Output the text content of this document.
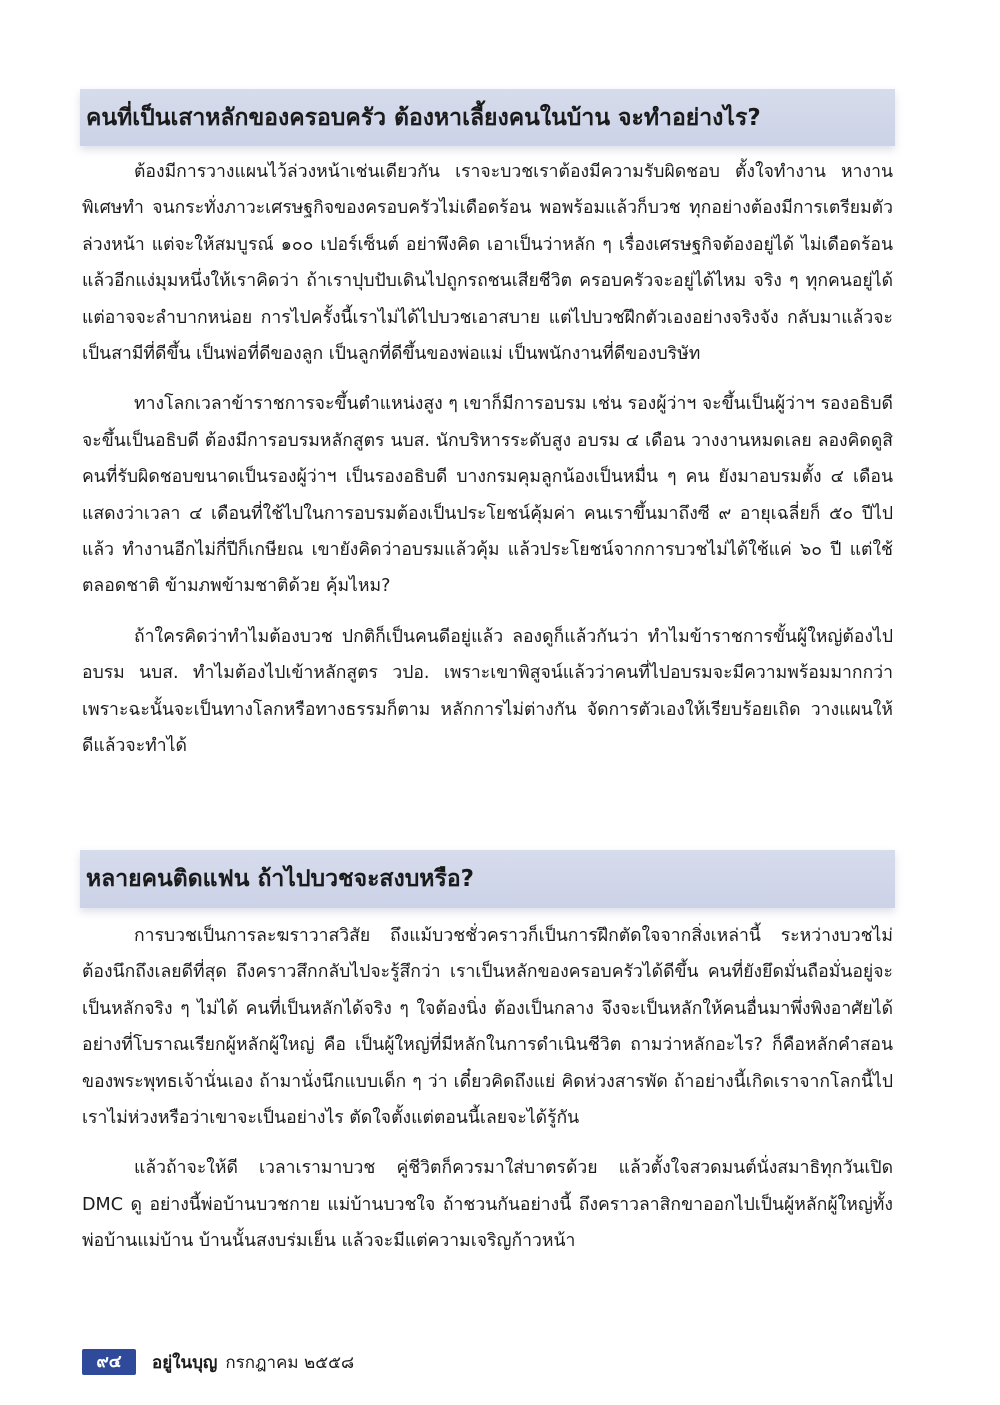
คนที่เป็นเสาหลักของครอบครัว ต้องหาเลี้ยงคนในบ้าน จะทำอย่างไร?

ต้องมีการวางแผนไว้ล่วงหน้าเช่นเดียวกัน เราจะบวชเราต้องมีความรับผิดชอบ ตั้งใจทำงาน หางานพิเศษทำ จนกระทั่งภาวะเศรษฐกิจของครอบครัวไม่เดือดร้อน พอพร้อมแล้วก็บวช ทุกอย่างต้องมีการเตรียมตัวล่วงหน้า แต่จะให้สมบูรณ์ ๑๐๐ เปอร์เซ็นต์ อย่าพึงคิด เอาเป็นว่าหลัก ๆ เรื่องเศรษฐกิจต้องอยู่ได้ ไม่เดือดร้อน แล้วอีกแง่มุมหนึ่งให้เราคิดว่า ถ้าเราปุบปับเดินไปถูกรถชนเสียชีวิต ครอบครัวจะอยู่ได้ไหม จริง ๆ ทุกคนอยู่ได้ แต่อาจจะลำบากหน่อย การไปครั้งนี้เราไม่ได้ไปบวชเอาสบาย แต่ไปบวชฝึกตัวเองอย่างจริงจัง กลับมาแล้วจะเป็นสามีที่ดีขึ้น เป็นพ่อที่ดีของลูก เป็นลูกที่ดีขึ้นของพ่อแม่ เป็นพนักงานที่ดีของบริษัท

ทางโลกเวลาข้าราชการจะขึ้นตำแหน่งสูง ๆ เขาก็มีการอบรม เช่น รองผู้ว่าฯ จะขึ้นเป็นผู้ว่าฯ รองอธิบดีจะขึ้นเป็นอธิบดี ต้องมีการอบรมหลักสูตร นบส. นักบริหารระดับสูง อบรม ๔ เดือน วางงานหมดเลย ลองคิดดูสิคนที่รับผิดชอบขนาดเป็นรองผู้ว่าฯ เป็นรองอธิบดี บางกรมคุมลูกน้องเป็นหมื่น ๆ คน ยังมาอบรมตั้ง ๔ เดือน แสดงว่าเวลา ๔ เดือนที่ใช้ไปในการอบรมต้องเป็นประโยชน์คุ้มค่า คนเราขึ้นมาถึงซี ๙ อายุเฉลี่ยก็ ๕๐ ปีไปแล้ว ทำงานอีกไม่กี่ปีก็เกษียณ เขายังคิดว่าอบรมแล้วคุ้ม แล้วประโยชน์จากการบวชไม่ได้ใช้แค่ ๖๐ ปี แต่ใช้ตลอดชาติ ข้ามภพข้ามชาติด้วย คุ้มไหม?

ถ้าใครคิดว่าทำไมต้องบวช ปกติก็เป็นคนดีอยู่แล้ว ลองดูก็แล้วกันว่า ทำไมข้าราชการขั้นผู้ใหญ่ต้องไปอบรม นบส. ทำไมต้องไปเข้าหลักสูตร วปอ. เพราะเขาพิสูจน์แล้วว่าคนที่ไปอบรมจะมีความพร้อมมากกว่า เพราะฉะนั้นจะเป็นทางโลกหรือทางธรรมก็ตาม หลักการไม่ต่างกัน จัดการตัวเองให้เรียบร้อยเถิด วางแผนให้ดีแล้วจะทำได้

หลายคนติดแฟน ถ้าไปบวชจะสงบหรือ?

การบวชเป็นการละฆราวาสวิสัย ถึงแม้บวชชั่วคราวก็เป็นการฝึกตัดใจจากสิ่งเหล่านี้ ระหว่างบวชไม่ต้องนึกถึงเลยดีที่สุด ถึงคราวสึกกลับไปจะรู้สึกว่า เราเป็นหลักของครอบครัวได้ดีขึ้น คนที่ยังยึดมั่นถือมั่นอยู่จะเป็นหลักจริง ๆ ไม่ได้ คนที่เป็นหลักได้จริง ๆ ใจต้องนิ่ง ต้องเป็นกลาง จึงจะเป็นหลักให้คนอื่นมาพึ่งพิงอาศัยได้ อย่างที่โบราณเรียกผู้หลักผู้ใหญ่ คือ เป็นผู้ใหญ่ที่มีหลักในการดำเนินชีวิต ถามว่าหลักอะไร? ก็คือหลักคำสอนของพระพุทธเจ้านั่นเอง ถ้ามานั่งนึกแบบเด็ก ๆ ว่า เดี๋ยวคิดถึงแย่ คิดห่วงสารพัด ถ้าอย่างนี้เกิดเราจากโลกนี้ไป เราไม่ห่วงหรือว่าเขาจะเป็นอย่างไร ตัดใจตั้งแต่ตอนนี้เลยจะได้รู้กัน

แล้วถ้าจะให้ดี เวลาเรามาบวช คู่ชีวิตก็ควรมาใส่บาตรด้วย แล้วตั้งใจสวดมนต์นั่งสมาธิทุกวันเปิด DMC ดู อย่างนี้พ่อบ้านบวชกาย แม่บ้านบวชใจ ถ้าชวนกันอย่างนี้ ถึงคราวลาสิกขาออกไปเป็นผู้หลักผู้ใหญ่ทั้งพ่อบ้านแม่บ้าน บ้านนั้นสงบร่มเย็น แล้วจะมีแต่ความเจริญก้าวหน้า

๙๔	อยู่ในบุญ กรกฎาคม ๒๕๕๘
